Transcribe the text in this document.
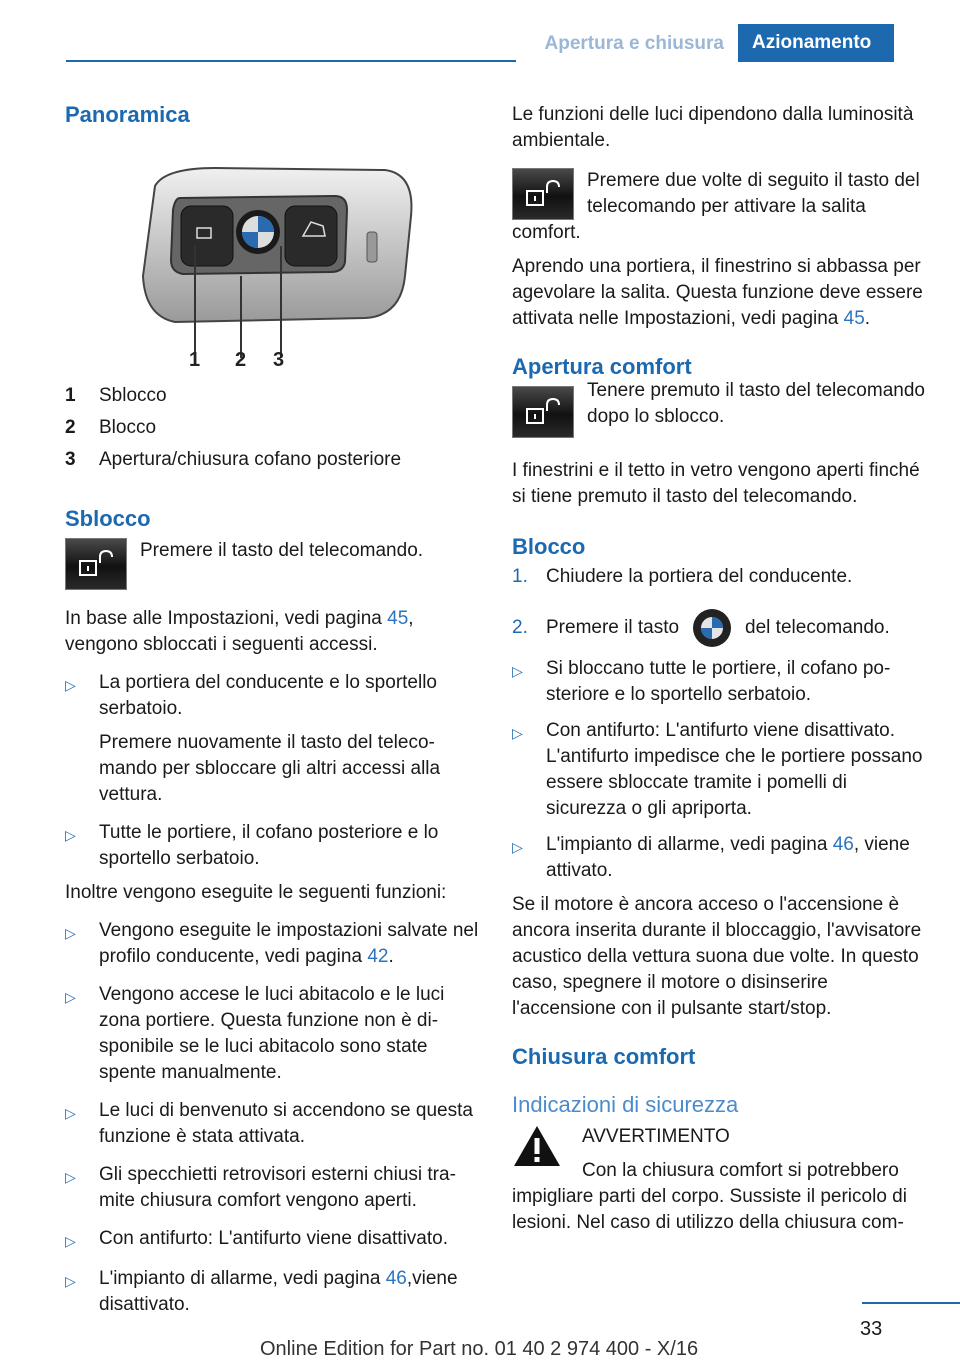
Apertura e chiusura	Azionamento
Panoramica
1 2 3
1	Sblocco
2	Blocco
3	Apertura/chiusura cofano posteriore
Sblocco

Premere il tasto del telecomando.

In base alle Impostazioni, vedi pagina 45, vengono sbloccati i seguenti accessi.

▷	La portiera del conducente e lo sportello serbatoio.

Premere nuovamente il tasto del telecomando per sbloccare gli altri accessi alla vettura.

▷	Tutte le portiere, il cofano posteriore e lo sportello serbatoio.

Inoltre vengono eseguite le seguenti funzioni:

▷	Vengono eseguite le impostazioni salvate nel profilo conducente, vedi pagina 42.

▷	Vengono accese le luci abitacolo e le luci zona portiere. Questa funzione non è disponibile se le luci abitacolo sono state spente manualmente.

▷	Le luci di benvenuto si accendono se questa funzione è stata attivata.

▷	Gli specchietti retrovisori esterni chiusi tramite chiusura comfort vengono aperti.

▷	Con antifurto: L'antifurto viene disattivato.

▷	L'impianto di allarme, vedi pagina 46,viene disattivato.

Le funzioni delle luci dipendono dalla luminosità ambientale.

Premere due volte di seguito il tasto del telecomando per attivare la salita

comfort.

Aprendo una portiera, il finestrino si abbassa per agevolare la salita. Questa funzione deve essere attivata nelle Impostazioni, vedi pagina 45.

Apertura comfort

Tenere premuto il tasto del telecomando dopo lo sblocco.

I finestrini e il tetto in vetro vengono aperti finché si tiene premuto il tasto del telecomando.

Blocco
1. Chiudere la portiera del conducente.

2. Premere il tasto	del telecomando.
▷	Si bloccano tutte le portiere, il cofano posteriore e lo sportello serbatoio.

▷	Con antifurto: L'antifurto viene disattivato. L'antifurto impedisce che le portiere possano essere sbloccate tramite i pomelli di sicurezza o gli apriporta.

▷	L'impianto di allarme, vedi pagina 46, viene attivato.

Se il motore è ancora acceso o l'accensione è ancora inserita durante il bloccaggio, l'avvisatore acustico della vettura suona due volte. In questo caso, spegnere il motore o disinserire l'accensione con il pulsante start/stop.

Chiusura comfort
Indicazioni di sicurezza

AVVERTIMENTO

Con la chiusura comfort si potrebbero

impigliare parti del corpo. Sussiste il pericolo di lesioni. Nel caso di utilizzo della chiusura com-

33
Online Edition for Part no. 01 40 2 974 400 - X/16
